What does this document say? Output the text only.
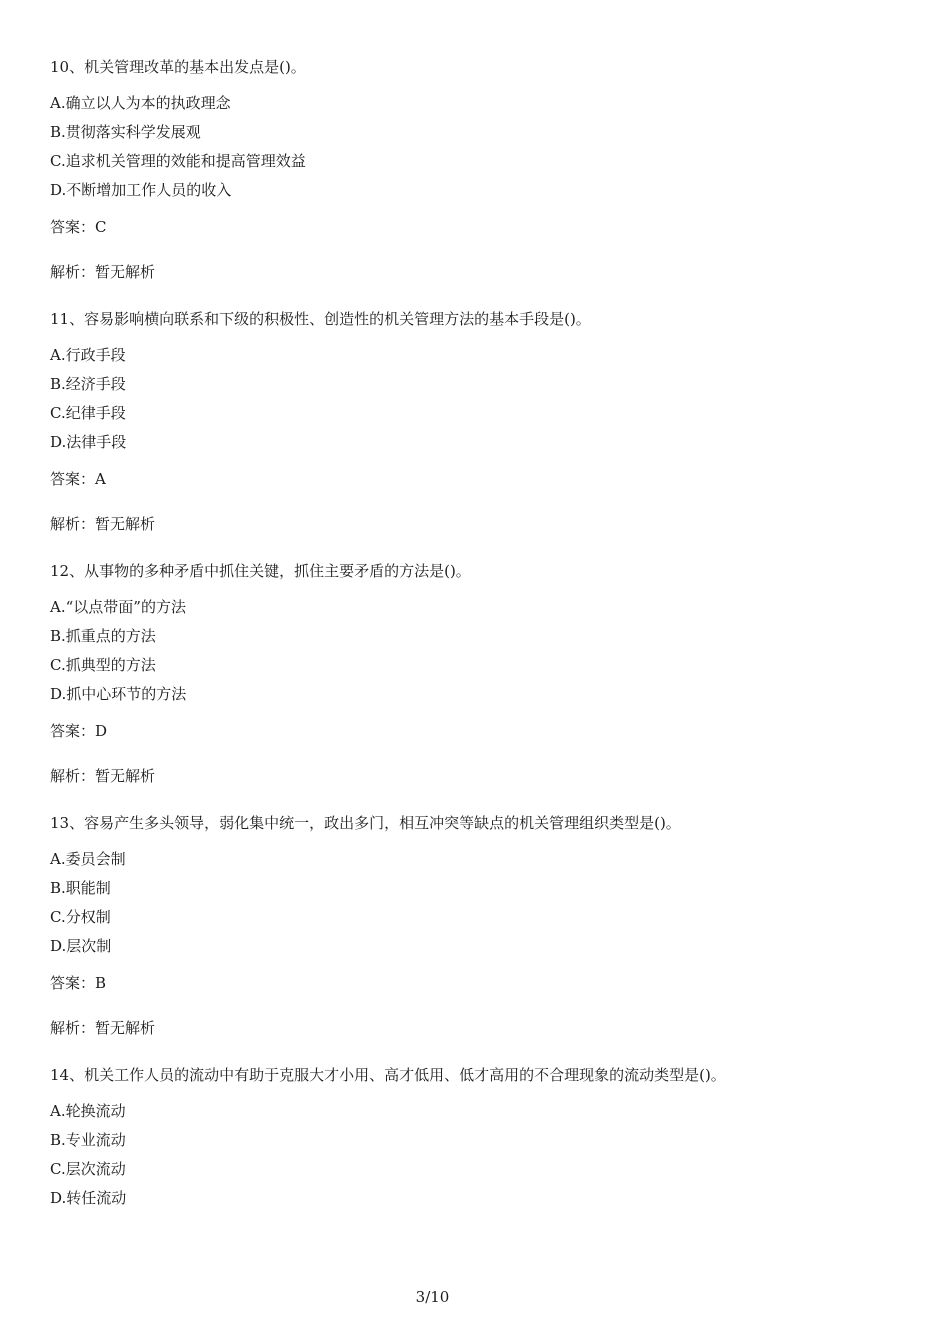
10、机关管理改革的基本出发点是()。
A.确立以人为本的执政理念
B.贯彻落实科学发展观
C.追求机关管理的效能和提高管理效益
D.不断增加工作人员的收入
答案：C
解析：暂无解析
11、容易影响横向联系和下级的积极性、创造性的机关管理方法的基本手段是()。
A.行政手段
B.经济手段
C.纪律手段
D.法律手段
答案：A
解析：暂无解析
12、从事物的多种矛盾中抓住关键，抓住主要矛盾的方法是()。
A.“以点带面”的方法
B.抓重点的方法
C.抓典型的方法
D.抓中心环节的方法
答案：D
解析：暂无解析
13、容易产生多头领导，弱化集中统一，政出多门，相互冲突等缺点的机关管理组织类型是()。
A.委员会制
B.职能制
C.分权制
D.层次制
答案：B
解析：暂无解析
14、机关工作人员的流动中有助于克服大才小用、高才低用、低才高用的不合理现象的流动类型是()。
A.轮换流动
B.专业流动
C.层次流动
D.转任流动
3/10
